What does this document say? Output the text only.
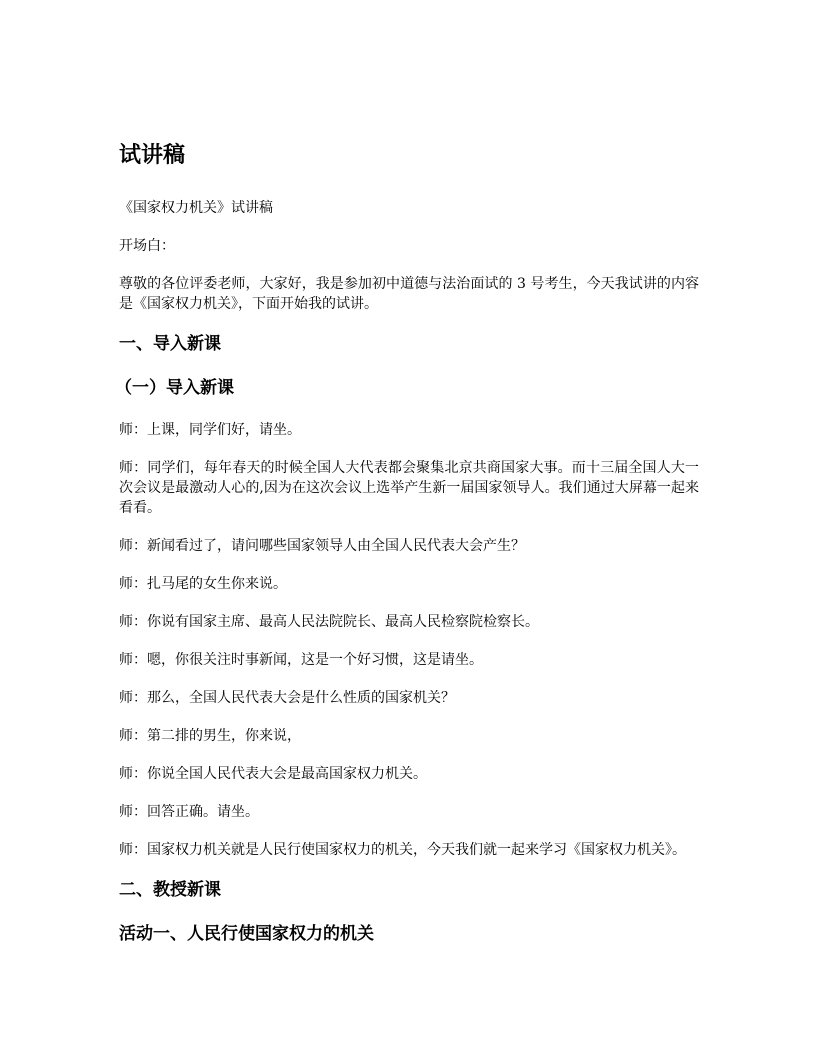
试讲稿
《国家权力机关》试讲稿
开场白：
尊敬的各位评委老师，大家好，我是参加初中道德与法治面试的 3 号考生，今天我试讲的内容是《国家权力机关》，下面开始我的试讲。
一、导入新课
（一）导入新课
师：上课，同学们好，请坐。
师：同学们，每年春天的时候全国人大代表都会聚集北京共商国家大事。而十三届全国人大一次会议是最激动人心的,因为在这次会议上选举产生新一届国家领导人。我们通过大屏幕一起来看看。
师：新闻看过了，请问哪些国家领导人由全国人民代表大会产生？
师：扎马尾的女生你来说。
师：你说有国家主席、最高人民法院院长、最高人民检察院检察长。
师：嗯，你很关注时事新闻，这是一个好习惯，这是请坐。
师：那么，全国人民代表大会是什么性质的国家机关？
师：第二排的男生，你来说，
师：你说全国人民代表大会是最高国家权力机关。
师：回答正确。请坐。
师：国家权力机关就是人民行使国家权力的机关，今天我们就一起来学习《国家权力机关》。
二、教授新课
活动一、人民行使国家权力的机关
